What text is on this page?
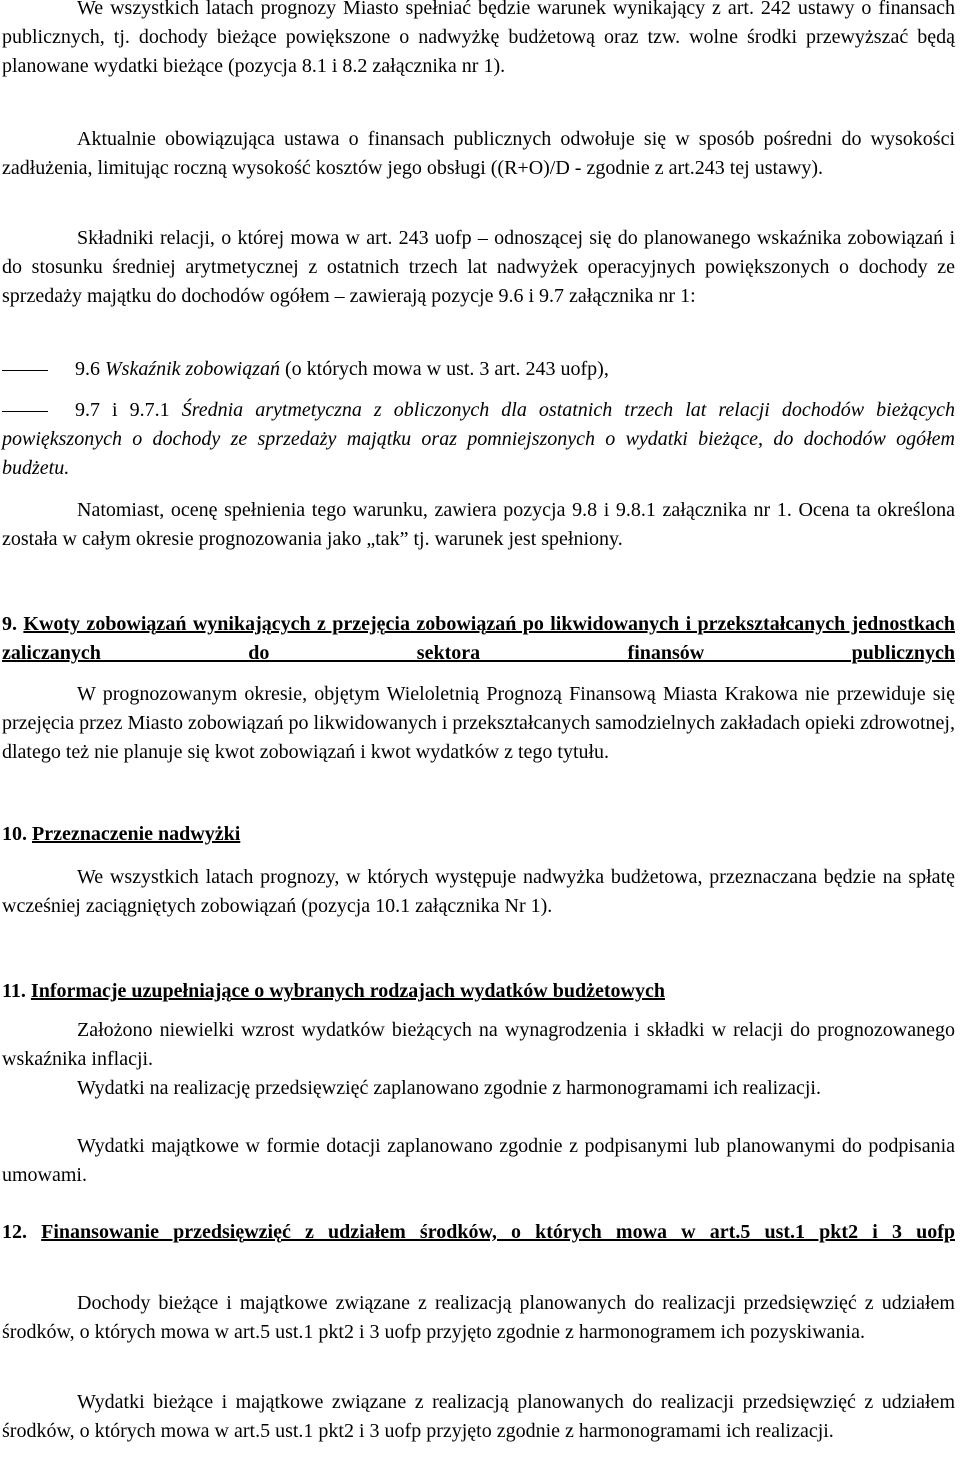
We wszystkich latach prognozy Miasto spełniać będzie warunek wynikający z art. 242 ustawy o finansach publicznych, tj. dochody bieżące powiększone o nadwyżkę budżetową oraz tzw. wolne środki przewyższać będą planowane wydatki bieżące (pozycja 8.1 i 8.2 załącznika nr 1).

Aktualnie obowiązująca ustawa o finansach publicznych odwołuje się w sposób pośredni do wysokości zadłużenia, limitując roczną wysokość kosztów jego obsługi ((R+O)/D - zgodnie z art.243 tej ustawy).

Składniki relacji, o której mowa w art. 243 uofp – odnoszącej się do planowanego wskaźnika zobowiązań i do stosunku średniej arytmetycznej z ostatnich trzech lat nadwyżek operacyjnych powiększonych o dochody ze sprzedaży majątku do dochodów ogółem – zawierają pozycje 9.6 i 9.7 załącznika nr 1:

9.6 Wskaźnik zobowiązań (o których mowa w ust. 3 art. 243 uofp),

9.7 i 9.7.1 Średnia arytmetyczna z obliczonych dla ostatnich trzech lat relacji dochodów bieżących powiększonych o dochody ze sprzedaży majątku oraz pomniejszonych o wydatki bieżące, do dochodów ogółem budżetu.

Natomiast, ocenę spełnienia tego warunku, zawiera pozycja 9.8 i 9.8.1 załącznika nr 1. Ocena ta określona została w całym okresie prognozowania jako „tak” tj. warunek jest spełniony.

9. Kwoty zobowiązań wynikających z przejęcia zobowiązań po likwidowanych i przekształcanych jednostkach zaliczanych do sektora finansów publicznych

W prognozowanym okresie, objętym Wieloletnią Prognozą Finansową Miasta Krakowa nie przewiduje się przejęcia przez Miasto zobowiązań po likwidowanych i przekształcanych samodzielnych zakładach opieki zdrowotnej, dlatego też nie planuje się kwot zobowiązań i kwot wydatków z tego tytułu.

10. Przeznaczenie nadwyżki

We wszystkich latach prognozy, w których występuje nadwyżka budżetowa, przeznaczana będzie na spłatę wcześniej zaciągniętych zobowiązań (pozycja 10.1 załącznika Nr 1).

11. Informacje uzupełniające o wybranych rodzajach wydatków budżetowych

Założono niewielki wzrost wydatków bieżących na wynagrodzenia i składki w relacji do prognozowanego wskaźnika inflacji.

Wydatki na realizację przedsięwzięć zaplanowano zgodnie z harmonogramami ich realizacji.

Wydatki majątkowe w formie dotacji zaplanowano zgodnie z podpisanymi lub planowanymi do podpisania umowami.

12. Finansowanie przedsięwzięć z udziałem środków, o których mowa w art.5 ust.1 pkt2 i 3 uofp

Dochody bieżące i majątkowe związane z realizacją planowanych do realizacji przedsięwzięć z udziałem środków, o których mowa w art.5 ust.1 pkt2 i 3 uofp przyjęto zgodnie z harmonogramem ich pozyskiwania.

Wydatki bieżące i majątkowe związane z realizacją planowanych do realizacji przedsięwzięć z udziałem środków, o których mowa w art.5 ust.1 pkt2 i 3 uofp przyjęto zgodnie z harmonogramami ich realizacji.
